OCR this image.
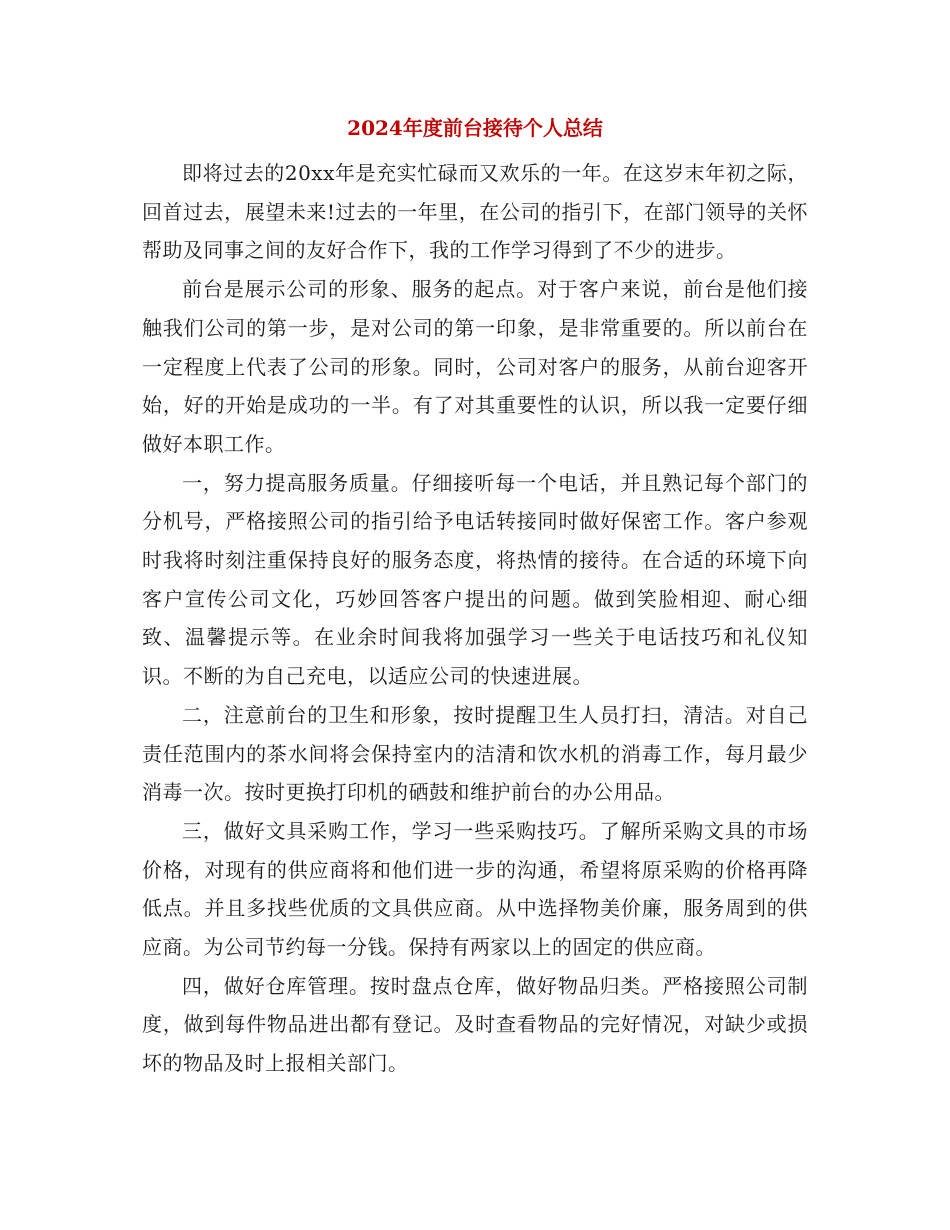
2024年度前台接待个人总结

即将过去的20xx年是充实忙碌而又欢乐的一年。在这岁末年初之际，回首过去，展望未来!过去的一年里，在公司的指引下，在部门领导的关怀帮助及同事之间的友好合作下，我的工作学习得到了不少的进步。

前台是展示公司的形象、服务的起点。对于客户来说，前台是他们接触我们公司的第一步，是对公司的第一印象，是非常重要的。所以前台在一定程度上代表了公司的形象。同时，公司对客户的服务，从前台迎客开始，好的开始是成功的一半。有了对其重要性的认识，所以我一定要仔细做好本职工作。

一，努力提高服务质量。仔细接听每一个电话，并且熟记每个部门的分机号，严格接照公司的指引给予电话转接同时做好保密工作。客户参观时我将时刻注重保持良好的服务态度，将热情的接待。在合适的环境下向客户宣传公司文化，巧妙回答客户提出的问题。做到笑脸相迎、耐心细致、温馨提示等。在业余时间我将加强学习一些关于电话技巧和礼仪知识。不断的为自己充电，以适应公司的快速进展。

二，注意前台的卫生和形象，按时提醒卫生人员打扫，清洁。对自己责任范围内的茶水间将会保持室内的洁清和饮水机的消毒工作，每月最少消毒一次。按时更换打印机的硒鼓和维护前台的办公用品。

三，做好文具采购工作，学习一些采购技巧。了解所采购文具的市场价格，对现有的供应商将和他们进一步的沟通，希望将原采购的价格再降低点。并且多找些优质的文具供应商。从中选择物美价廉，服务周到的供应商。为公司节约每一分钱。保持有两家以上的固定的供应商。

四，做好仓库管理。按时盘点仓库，做好物品归类。严格接照公司制度，做到每件物品进出都有登记。及时查看物品的完好情况，对缺少或损坏的物品及时上报相关部门。
